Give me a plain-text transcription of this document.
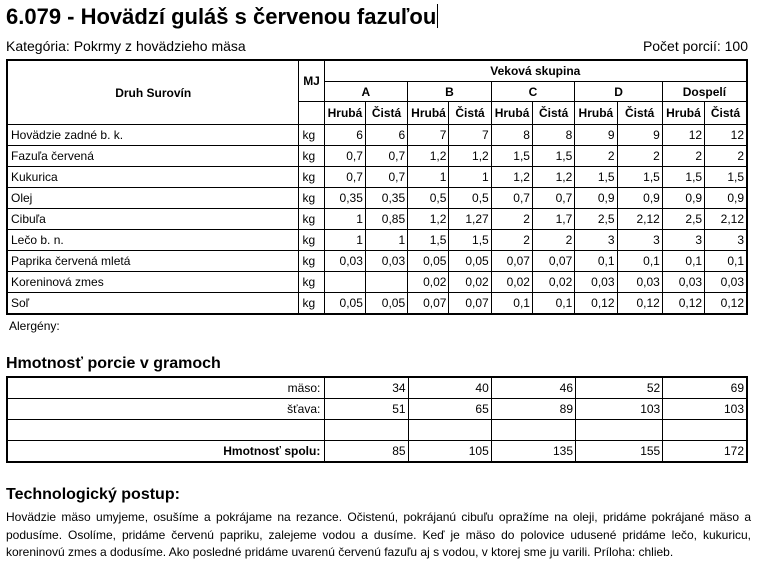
6.079 - Hovädzí guláš s červenou fazuľou
Kategória: Pokrmy z hovädzieho mäsa	Počet porcií: 100
Druh Surovín	MJ	Veková skupina									
		A		B		C		D		Dospelí	
		Hrubá	Čistá	Hrubá	Čistá	Hrubá	Čistá	Hrubá	Čistá	Hrubá	Čistá
Hovädzie zadné b. k.	kg	6	6	7	7	8	8	9	9	12	12
Fazuľa červená	kg	0,7	0,7	1,2	1,2	1,5	1,5	2	2	2	2
Kukurica	kg	0,7	0,7	1	1	1,2	1,2	1,5	1,5	1,5	1,5
Olej	kg	0,35	0,35	0,5	0,5	0,7	0,7	0,9	0,9	0,9	0,9
Cibuľa	kg	1	0,85	1,2	1,27	2	1,7	2,5	2,12	2,5	2,12
Lečo b. n.	kg	1	1	1,5	1,5	2	2	3	3	3	3
Paprika červená mletá	kg	0,03	0,03	0,05	0,05	0,07	0,07	0,1	0,1	0,1	0,1
Koreninová zmes	kg			0,02	0,02	0,02	0,02	0,03	0,03	0,03	0,03
Soľ	kg	0,05	0,05	0,07	0,07	0,1	0,1	0,12	0,12	0,12	0,12
Alergény:
Hmotnosť porcie v gramoch
mäso:	34	40	46	52	69
šťava:	51	65	89	103	103

Hmotnosť spolu:	85	105	135	155	172
Technologický postup:
Hovädzie mäso umyjeme, osušíme a pokrájame na rezance. Očistenú, pokrájanú cibuľu opražíme na oleji, pridáme pokrájané mäso a podusíme. Osolíme, pridáme červenú papriku, zalejeme vodou a dusíme. Keď je mäso do polovice udusené pridáme lečo, kukuricu, koreninovú zmes a dodusíme. Ako posledné pridáme uvarenú červenú fazuľu aj s vodou, v ktorej sme ju varili. Príloha: chlieb.
